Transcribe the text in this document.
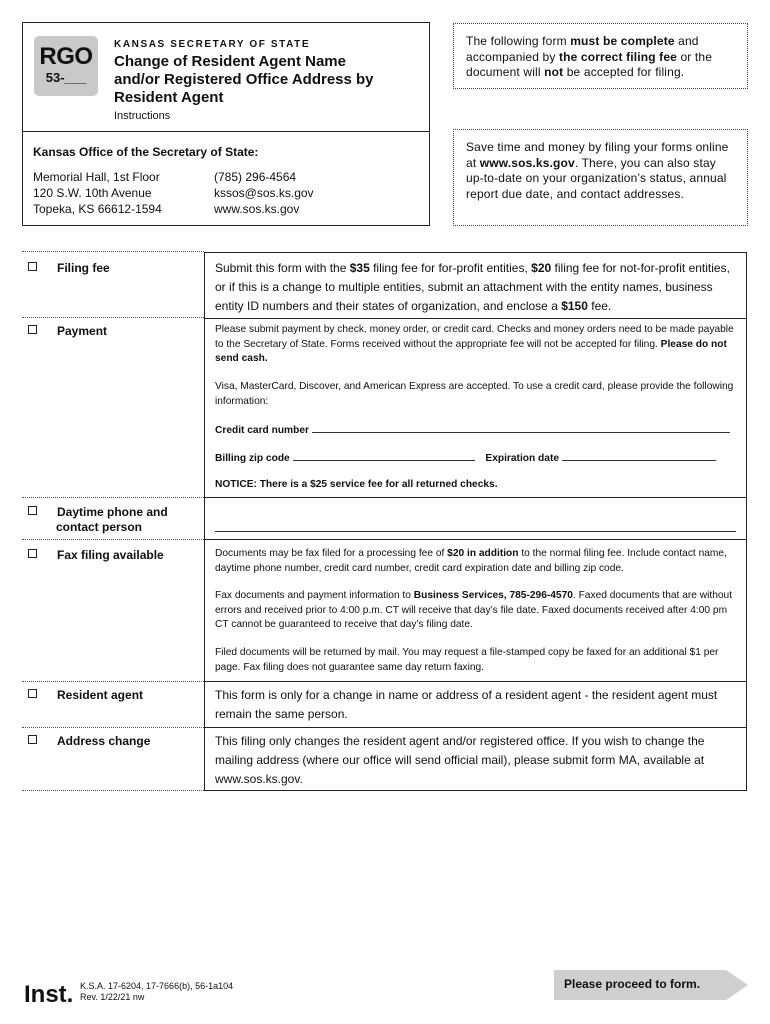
RGO
53-___
KANSAS SECRETARY OF STATE
Change of Resident Agent Name
and/or Registered Office Address by
Resident Agent
Instructions
Kansas Office of the Secretary of State:
Memorial Hall, 1st Floor
120 S.W. 10th Avenue
Topeka, KS 66612-1594
(785) 296-4564
kssos@sos.ks.gov
www.sos.ks.gov
The following form must be complete and accompanied by the correct filing fee or the document will not be accepted for filing.
Save time and money by filing your forms online at www.sos.ks.gov. There, you can also stay up-to-date on your organization’s status, annual report due date, and contact addresses.
Filing fee
Payment
Daytime phone and
contact person
Fax filing available
Resident agent
Address change
Submit this form with the $35 filing fee for for-profit entities, $20 filing fee for not-for-profit entities, or if this is a change to multiple entities, submit an attachment with the entity names, business entity ID numbers and their states of organization, and enclose a $150 fee.
Please submit payment by check, money order, or credit card. Checks and money orders need to be made payable to the Secretary of State. Forms received without the appropriate fee will not be accepted for filing. Please do not send cash.
Visa, MasterCard, Discover, and American Express are accepted. To use a credit card, please provide the following information:
Credit card number
Billing zip code	Expiration date
NOTICE: There is a $25 service fee for all returned checks.
Documents may be fax filed for a processing fee of $20 in addition to the normal filing fee. Include contact name, daytime phone number, credit card number, credit card expiration date and billing zip code.
Fax documents and payment information to Business Services, 785-296-4570. Faxed documents that are without errors and received prior to 4:00 p.m. CT will receive that day’s file date. Faxed documents received after 4:00 pm CT cannot be guaranteed to receive that day’s filing date.
Filed documents will be returned by mail. You may request a file-stamped copy be faxed for an additional $1 per page. Fax filing does not guarantee same day return faxing.
This form is only for a change in name or address of a resident agent - the resident agent must remain the same person.
This filing only changes the resident agent and/or registered office. If you wish to change the mailing address (where our office will send official mail), please submit form MA, available at www.sos.ks.gov.
Inst. K.S.A. 17-6204, 17-7666(b), 56-1a104
Rev. 1/22/21 nw
Please proceed to form.
